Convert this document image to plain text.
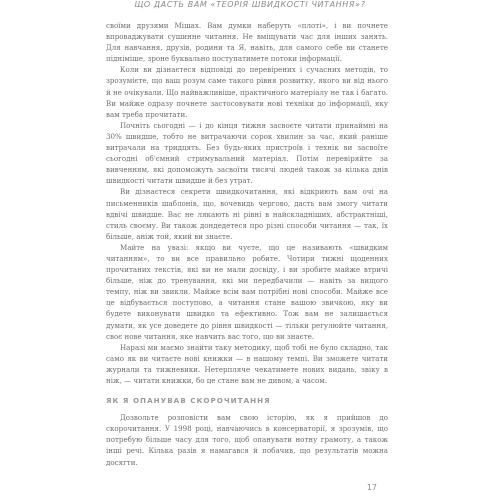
ЩО ДАСТЬ ВАМ «ТЕОРІЯ ШВИДКОСТІ ЧИТАННЯ»?

своїми друзями Мішах. Вам думки наберуть «плоті», і ви почнете впроваджувати сушинне читання. Не вміщувати час для інших занять. Для навчання, друзів, родини та Я, навіть, для самого себе ви станете підніміше, зроне буквально поступатимете потоки інформації.

Коли ви дізнаєтеся відповіді до перевірених і сучасних методів, то зрозумієте, що ваш розум саме такого рівня розвитку, якого ви від нього й не очікували. Що найважливіше, практичного матеріалу не так і багато. Ви майже одразу почнете застосовувати нові техніки до інформації, яку вам треба прочитати.

Почніть сьогодні — і до кінця тижня засвоєте читати принаймні на 30% швидше, тобто не витрачаючи сорок хвилин за час, який раніше витрачали на тридцять. Без будь-яких пристроїв і технік ви засвоїте сьогодні об'ємний стримувальний матеріал. Потім перевіряйте за вивченням, які допоможуть засвоїти тисячі людей також за кілька днів швидкості читати швидше й без утрат.

Ви дізнаєтеся секрети швидкочитання, які відкриють вам очі на письменників шаблонів, що, вочевидь чергово, дасть вам змогу читати вдвічі швидше. Вас не лякають ні рівні в найскладніших, абстрактніші, стиль своєму. Ви також дондедетеся про різні способи читання — так, їх більше, аніж той, який ви знаєте.

Майте на увазі: якщо ви чуєте, що це називають «швидким читанням», то ви все правильно робите. Чотири тижні щоденних прочитаних текстів, які ви не мали досвіду, і ви зробите майже втричі більше, ніж до тренування, які ми передбачили — навіть за вищого темпу, ніж ви звикли. Майже всім вам потрібні нові способи. Майже все це відбувається поступово, а читання стане вашою звичкою, яку ви будете виконувати швидко та ефективно. Тож вам не залишається думати, як усе доведете до рівня швидкості — тільки регулюйте читання, своє нове читання, яке навчить вас того, що ви знаєте.

Наразі ми маємо знайти таку методику, щоб тобі не було складно, так само як ви читаєте нові книжки — в нашому темпі. Ви зможете читати журнали та тижневики. Нетерпляче чекатимете нових видань, звіку в ніж, — читати книжки, бо це стане вам не дивом, а часом.

ЯК Я ОПАНУВАВ СКОРОЧИТАННЯ

Дозвольте розповісти вам свою історію, як я прийшов до скорочитання. У 1998 році, навчаючись в консерваторії, я зрозумів, що потребую більше часу для того, щоб опанувати нотну грамоту, а також інші речі. Кілька разів я намагався й побачив, що результатів можна досягти.

17
